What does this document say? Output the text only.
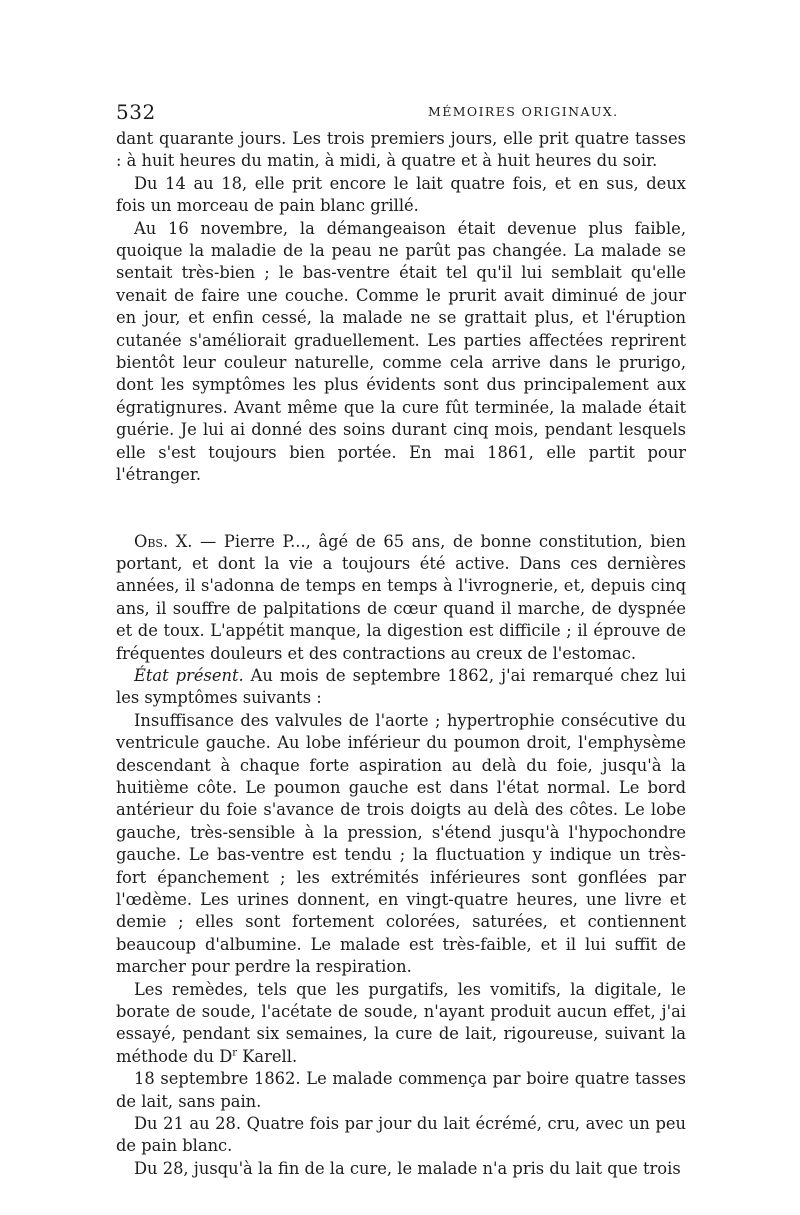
532	MÉMOIRES ORIGINAUX.

dant quarante jours. Les trois premiers jours, elle prit quatre tasses : à huit heures du matin, à midi, à quatre et à huit heures du soir.

Du 14 au 18, elle prit encore le lait quatre fois, et en sus, deux fois un morceau de pain blanc grillé.

Au 16 novembre, la démangeaison était devenue plus faible, quoique la maladie de la peau ne parût pas changée. La malade se sentait très-bien ; le bas-ventre était tel qu'il lui semblait qu'elle venait de faire une couche. Comme le prurit avait diminué de jour en jour, et enfin cessé, la malade ne se grattait plus, et l'éruption cutanée s'améliorait graduellement. Les parties affectées reprirent bientôt leur couleur naturelle, comme cela arrive dans le prurigo, dont les symptômes les plus évidents sont dus principalement aux égratignures. Avant même que la cure fût terminée, la malade était guérie. Je lui ai donné des soins durant cinq mois, pendant lesquels elle s'est toujours bien portée. En mai 1861, elle partit pour l'étranger.

Obs. X. — Pierre P..., âgé de 65 ans, de bonne constitution, bien portant, et dont la vie a toujours été active. Dans ces dernières années, il s'adonna de temps en temps à l'ivrognerie, et, depuis cinq ans, il souffre de palpitations de cœur quand il marche, de dyspnée et de toux. L'appétit manque, la digestion est difficile ; il éprouve de fréquentes douleurs et des contractions au creux de l'estomac.

État présent. Au mois de septembre 1862, j'ai remarqué chez lui les symptômes suivants :

Insuffisance des valvules de l'aorte ; hypertrophie consécutive du ventricule gauche. Au lobe inférieur du poumon droit, l'emphysème descendant à chaque forte aspiration au delà du foie, jusqu'à la huitième côte. Le poumon gauche est dans l'état normal. Le bord antérieur du foie s'avance de trois doigts au delà des côtes. Le lobe gauche, très-sensible à la pression, s'étend jusqu'à l'hypochondre gauche. Le bas-ventre est tendu ; la fluctuation y indique un très-fort épanchement ; les extrémités inférieures sont gonflées par l'œdème. Les urines donnent, en vingt-quatre heures, une livre et demie ; elles sont fortement colorées, saturées, et contiennent beaucoup d'albumine. Le malade est très-faible, et il lui suffit de marcher pour perdre la respiration.

Les remèdes, tels que les purgatifs, les vomitifs, la digitale, le borate de soude, l'acétate de soude, n'ayant produit aucun effet, j'ai essayé, pendant six semaines, la cure de lait, rigoureuse, suivant la méthode du $D^r$ Karell.

18 septembre 1862. Le malade commença par boire quatre tasses de lait, sans pain.

Du 21 au 28. Quatre fois par jour du lait écrémé, cru, avec un peu de pain blanc.

Du 28, jusqu'à la fin de la cure, le malade n'a pris du lait que trois
